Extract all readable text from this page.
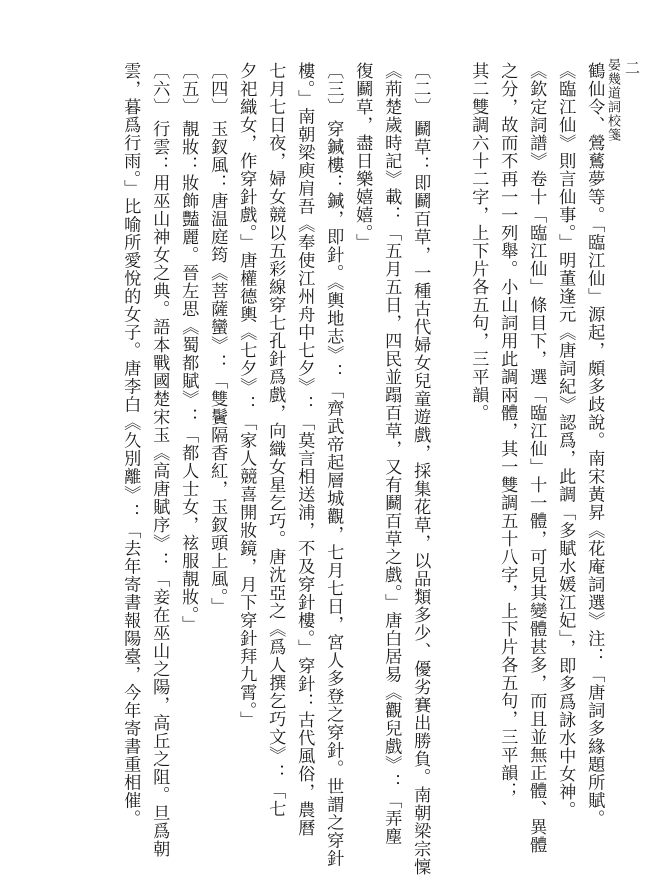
晏幾道詞校箋 二
鶴仙令、鶯鶿夢等。「臨江仙」源起，頗多歧說。南宋黃昇《花庵詞選》注：「唐詞多緣題所賦。
《臨江仙》則言仙事。」明董逢元《唐詞紀》認爲，此調「多賦水媛江妃」，即多爲詠水中女神。
《欽定詞譜》卷十「臨江仙」條目下，選「臨江仙」十一體，可見其變體甚多，而且並無正體、異體
之分，故而不再一一列舉。小山詞用此調兩體，其一雙調五十八字，上下片各五句，三平韻；
其二雙調六十二字，上下片各五句，三平韻。
〔二〕鬬草：即鬬百草，一種古代婦女兒童遊戲，採集花草，以品類多少、優劣賽出勝負。南朝梁宗懍
《荊楚歲時記》載：「五月五日，四民並蹋百草，又有鬬百草之戲。」唐白居易《觀兒戲》：「弄塵
復鬬草，盡日樂嬉嬉。」
〔三〕穿鍼樓：鍼，即針。《輿地志》：「齊武帝起層城觀，七月七日，宮人多登之穿針。世謂之穿針
樓。」南朝梁庾肩吾《奉使江州舟中七夕》：「莫言相送浦，不及穿針樓。」穿針：古代風俗，農曆
七月七日夜，婦女競以五彩線穿七孔針爲戲，向織女星乞巧。唐沈亞之《爲人撰乞巧文》：「七
夕祀織女，作穿針戲。」唐權德輿《七夕》：「家人競喜開妝鏡，月下穿針拜九霄。」
〔四〕玉釵風：唐温庭筠《菩薩蠻》：「雙鬢隔香紅，玉釵頭上風。」
〔五〕靚妝：妝飾豔麗。晉左思《蜀都賦》：「都人士女，袨服靚妝。」
〔六〕行雲：用巫山神女之典。語本戰國楚宋玉《高唐賦序》：「妾在巫山之陽，高丘之阻。旦爲朝
雲，暮爲行雨。」比喻所愛悅的女子。唐李白《久別離》：「去年寄書報陽臺，今年寄書重相催。
